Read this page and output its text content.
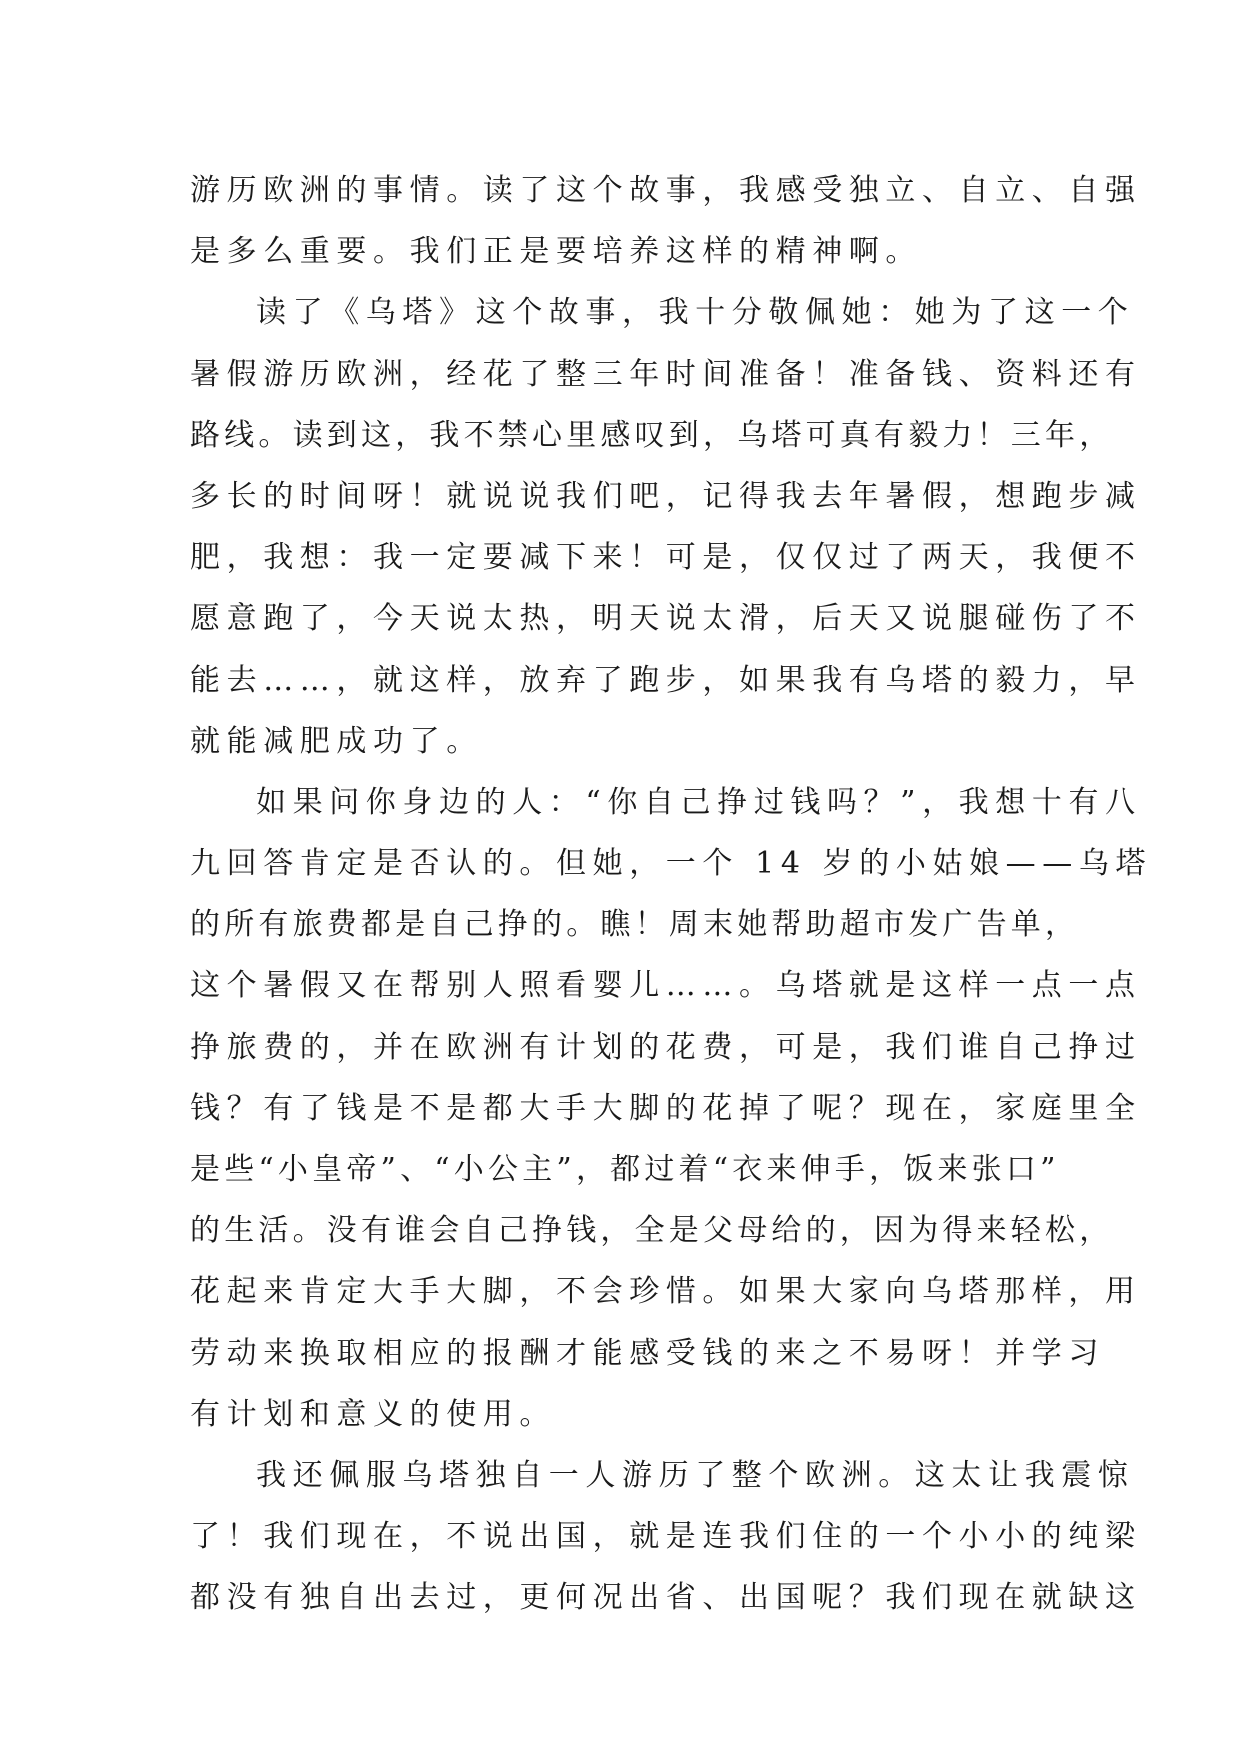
游历欧洲的事情。读了这个故事，我感受独立、自立、自强
是多么重要。我们正是要培养这样的精神啊。
读了《乌塔》这个故事，我十分敬佩她：她为了这一个
暑假游历欧洲，经花了整三年时间准备！准备钱、资料还有
路线。读到这，我不禁心里感叹到，乌塔可真有毅力！三年，
多长的时间呀！就说说我们吧，记得我去年暑假，想跑步减
肥，我想：我一定要减下来！可是，仅仅过了两天，我便不
愿意跑了，今天说太热，明天说太滑，后天又说腿碰伤了不
能去……，就这样，放弃了跑步，如果我有乌塔的毅力，早
就能减肥成功了。
如果问你身边的人：“你自己挣过钱吗？”，我想十有八
九回答肯定是否认的。但她，一个 14 岁的小姑娘——乌塔
的所有旅费都是自己挣的。瞧！周末她帮助超市发广告单，
这个暑假又在帮别人照看婴儿……。乌塔就是这样一点一点
挣旅费的，并在欧洲有计划的花费，可是，我们谁自己挣过
钱？有了钱是不是都大手大脚的花掉了呢？现在，家庭里全
是些“小皇帝”、“小公主”，都过着“衣来伸手，饭来张口”
的生活。没有谁会自己挣钱，全是父母给的，因为得来轻松，
花起来肯定大手大脚，不会珍惜。如果大家向乌塔那样，用
劳动来换取相应的报酬才能感受钱的来之不易呀！并学习
有计划和意义的使用。
我还佩服乌塔独自一人游历了整个欧洲。这太让我震惊
了！我们现在，不说出国，就是连我们住的一个小小的纯梁
都没有独自出去过，更何况出省、出国呢？我们现在就缺这
